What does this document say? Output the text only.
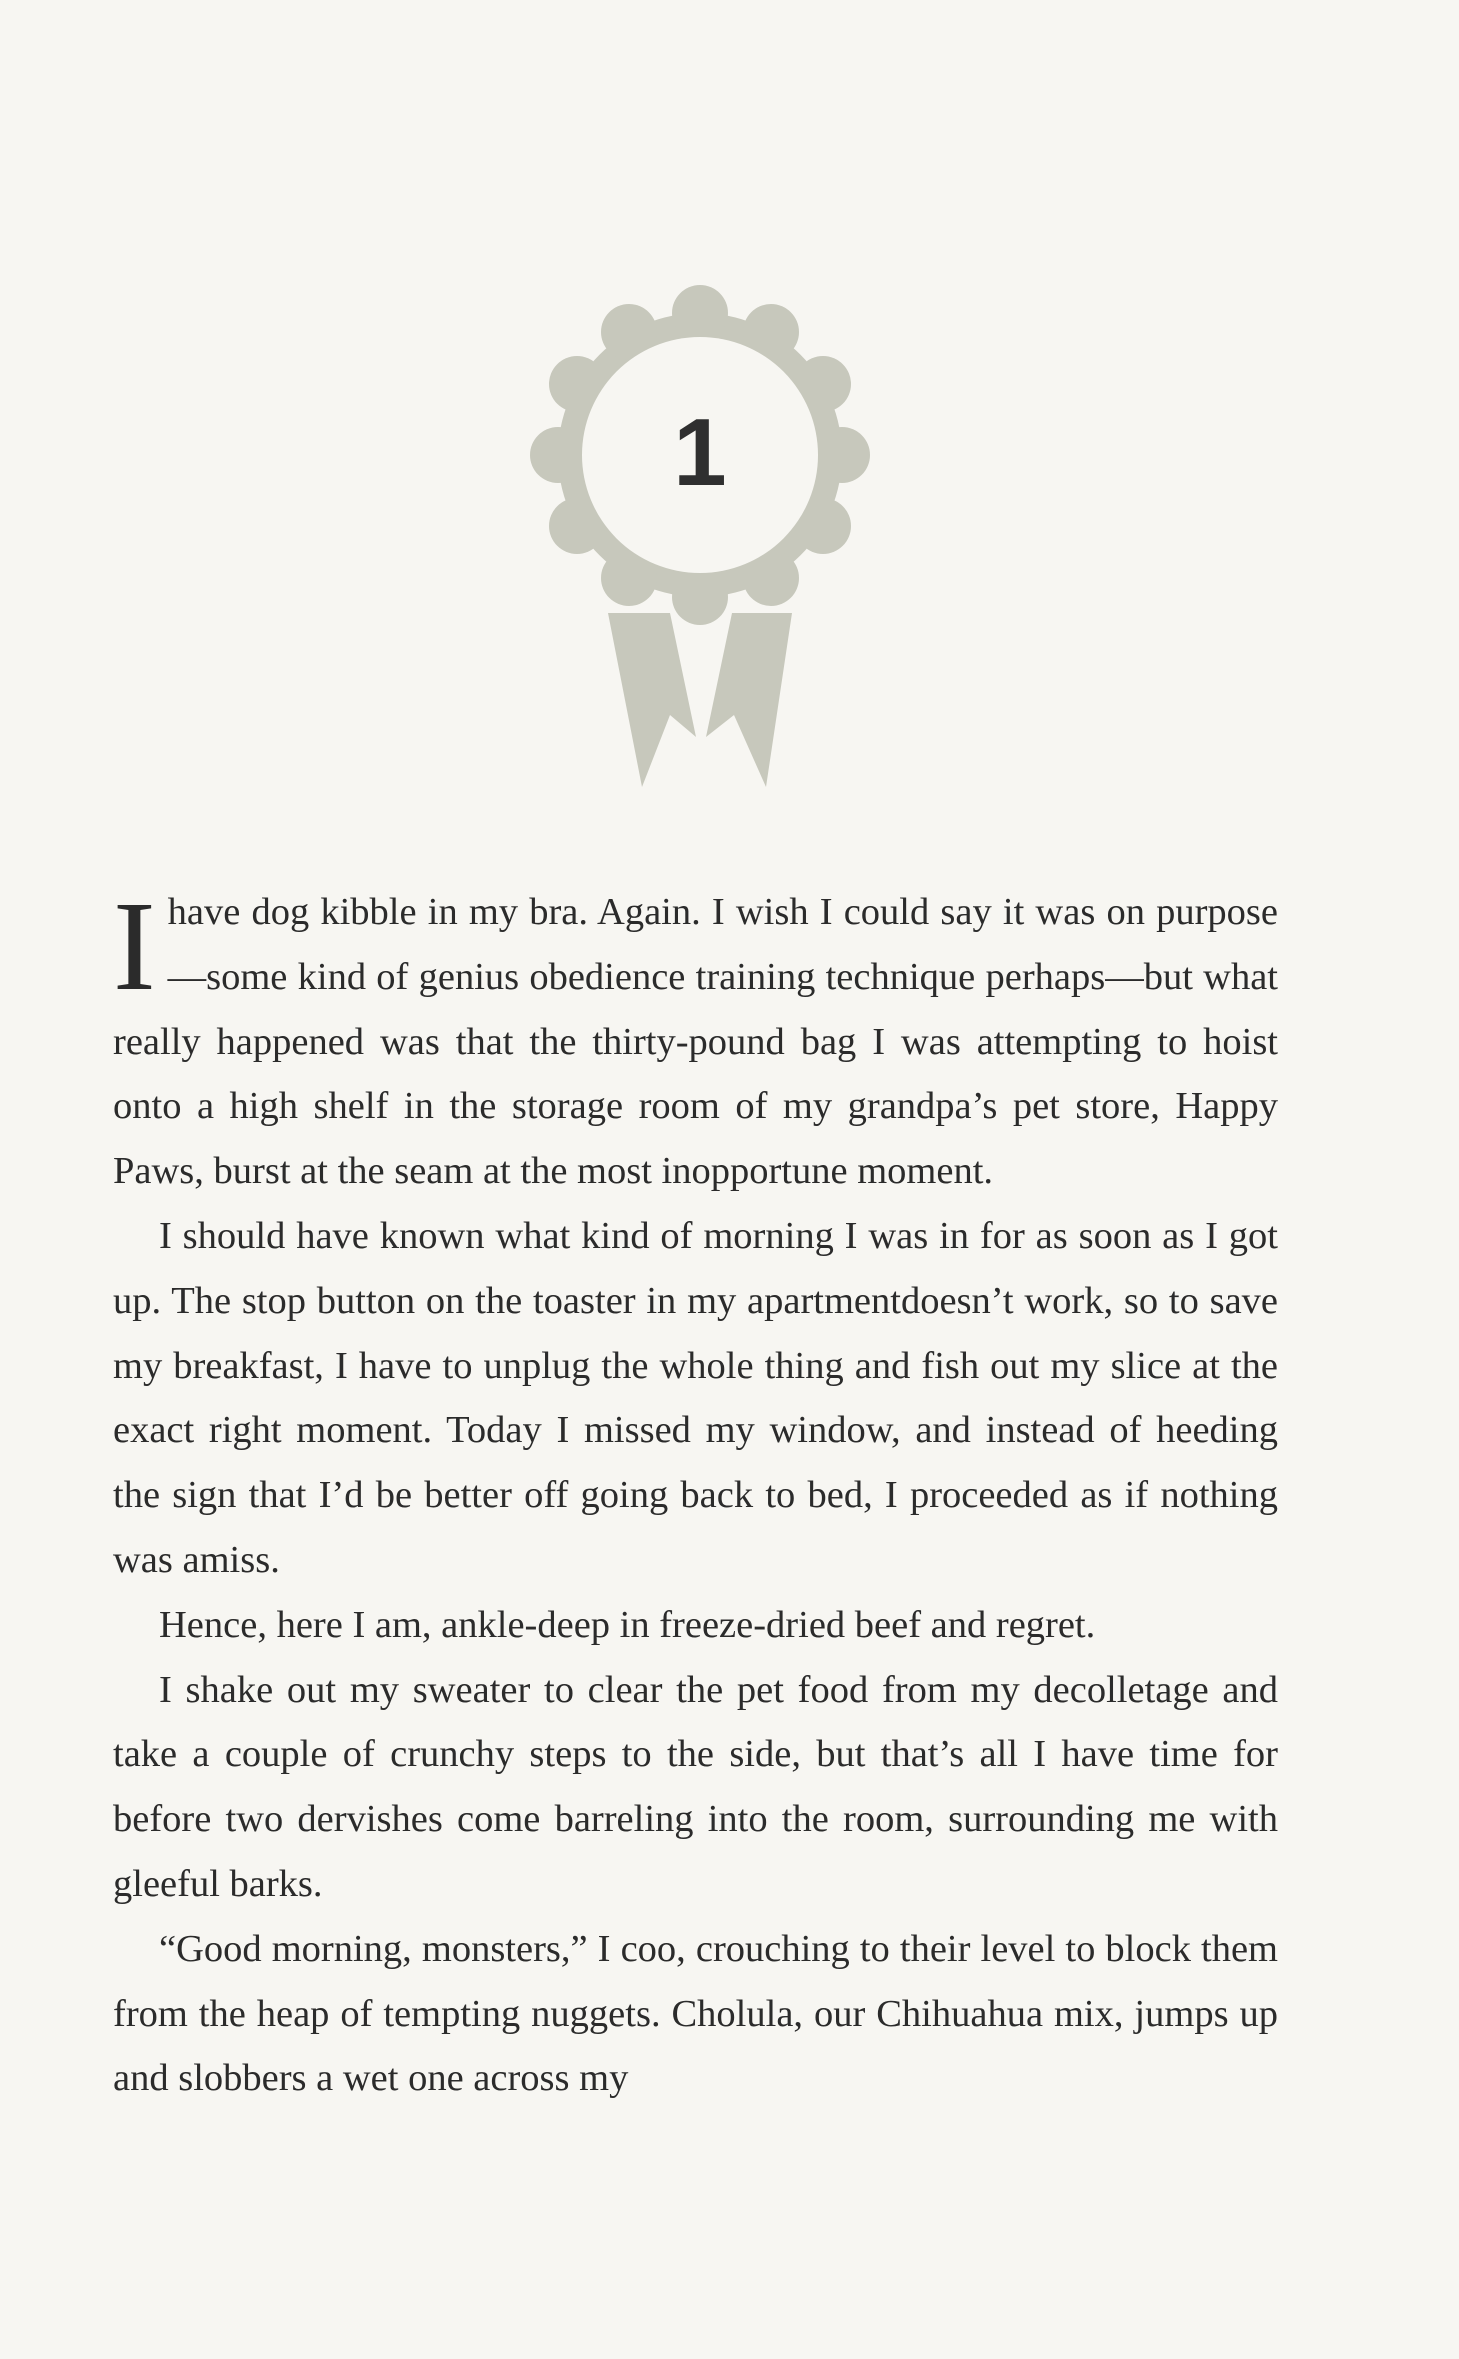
1

I have dog kibble in my bra. Again. I wish I could say it was on purpose—some kind of genius obedience training technique perhaps—but what really happened was that the thirty-pound bag I was attempting to hoist onto a high shelf in the storage room of my grandpa’s pet store, Happy Paws, burst at the seam at the most inopportune moment.

I should have known what kind of morning I was in for as soon as I got up. The stop button on the toaster in my apartmentdoesn’t work, so to save my breakfast, I have to unplug the whole thing and fish out my slice at the exact right moment. Today I missed my window, and instead of heeding the sign that I’d be better off going back to bed, I proceeded as if nothing was amiss.

Hence, here I am, ankle-deep in freeze-dried beef and regret.

I shake out my sweater to clear the pet food from my decolletage and take a couple of crunchy steps to the side, but that’s all I have time for before two dervishes come barreling into the room, surrounding me with gleeful barks.

“Good morning, monsters,” I coo, crouching to their level to block them from the heap of tempting nuggets. Cholula, our Chihuahua mix, jumps up and slobbers a wet one across my
